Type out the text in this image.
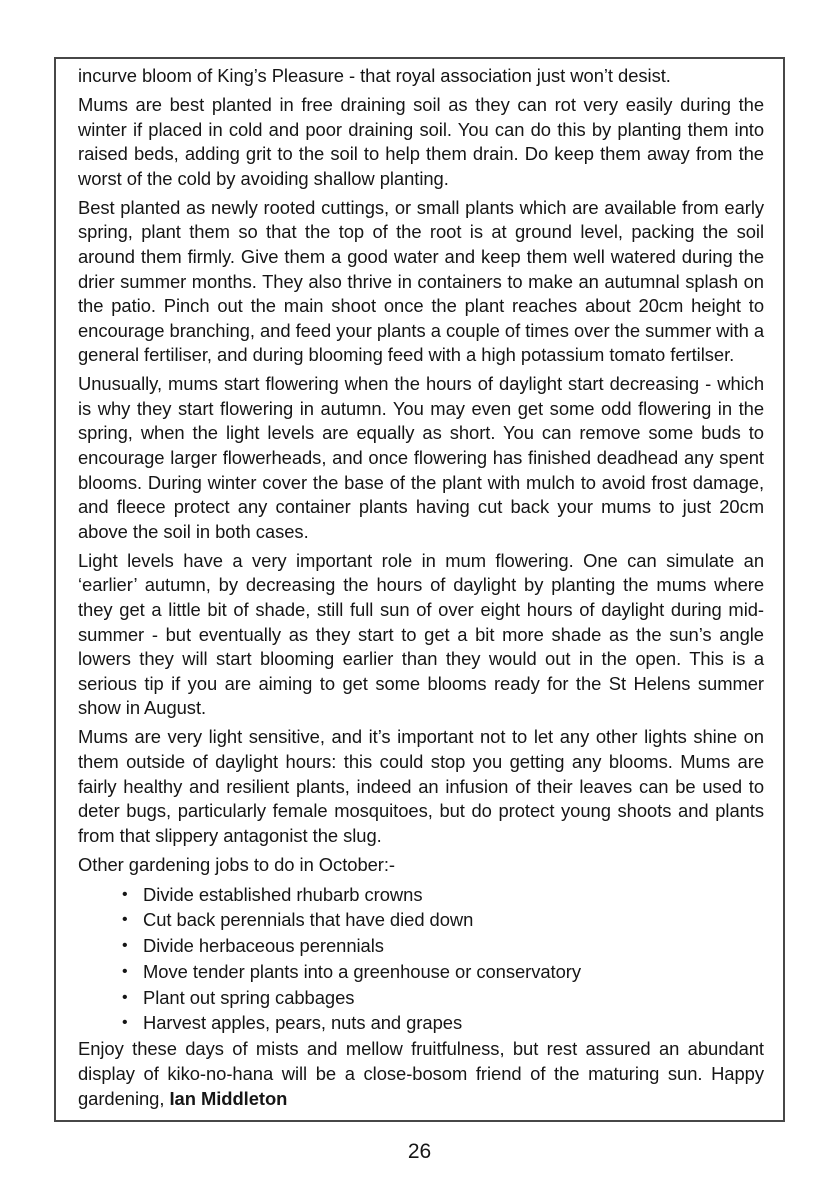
incurve bloom of King’s Pleasure - that royal association just won’t desist.

Mums are best planted in free draining soil as they can rot very easily during the winter if placed in cold and poor draining soil. You can do this by planting them into raised beds, adding grit to the soil to help them drain. Do keep them away from the worst of the cold by avoiding shallow planting.

Best planted as newly rooted cuttings, or small plants which are available from early spring, plant them so that the top of the root is at ground level, packing the soil around them firmly. Give them a good water and keep them well watered during the drier summer months. They also thrive in containers to make an autumnal splash on the patio. Pinch out the main shoot once the plant reaches about 20cm height to encourage branching, and feed your plants a couple of times over the summer with a general fertiliser, and during blooming feed with a high potassium tomato fertilser.

Unusually, mums start flowering when the hours of daylight start decreasing - which is why they start flowering in autumn. You may even get some odd flowering in the spring, when the light levels are equally as short. You can remove some buds to encourage larger flowerheads, and once flowering has finished deadhead any spent blooms. During winter cover the base of the plant with mulch to avoid frost damage, and fleece protect any container plants having cut back your mums to just 20cm above the soil in both cases.

Light levels have a very important role in mum flowering. One can simulate an ‘earlier’ autumn, by decreasing the hours of daylight by planting the mums where they get a little bit of shade, still full sun of over eight hours of daylight during mid-summer - but eventually as they start to get a bit more shade as the sun’s angle lowers they will start blooming earlier than they would out in the open. This is a serious tip if you are aiming to get some blooms ready for the St Helens summer show in August.

Mums are very light sensitive, and it’s important not to let any other lights shine on them outside of daylight hours: this could stop you getting any blooms. Mums are fairly healthy and resilient plants, indeed an infusion of their leaves can be used to deter bugs, particularly female mosquitoes, but do protect young shoots and plants from that slippery antagonist the slug.

Other gardening jobs to do in October:-

• Divide established rhubarb crowns
• Cut back perennials that have died down
• Divide herbaceous perennials
• Move tender plants into a greenhouse or conservatory
• Plant out spring cabbages
• Harvest apples, pears, nuts and grapes

Enjoy these days of mists and mellow fruitfulness, but rest assured an abundant display of kiko-no-hana will be a close-bosom friend of the maturing sun. Happy gardening, Ian Middleton

26
